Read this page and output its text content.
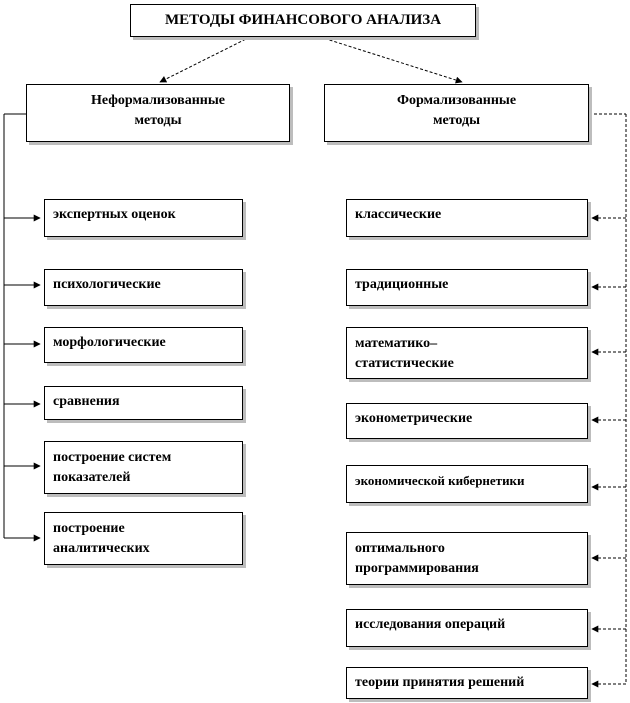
МЕТОДЫ ФИНАНСОВОГО АНАЛИЗА
Неформализованные
методы
Формализованные
методы
экспертных оценок
психологические
морфологические
сравнения
построение систем
показателей
построение
аналитических
классические
традиционные
математико–
статистические
эконометрические
экономической кибернетики
оптимального
программирования
исследования операций
теории принятия решений
